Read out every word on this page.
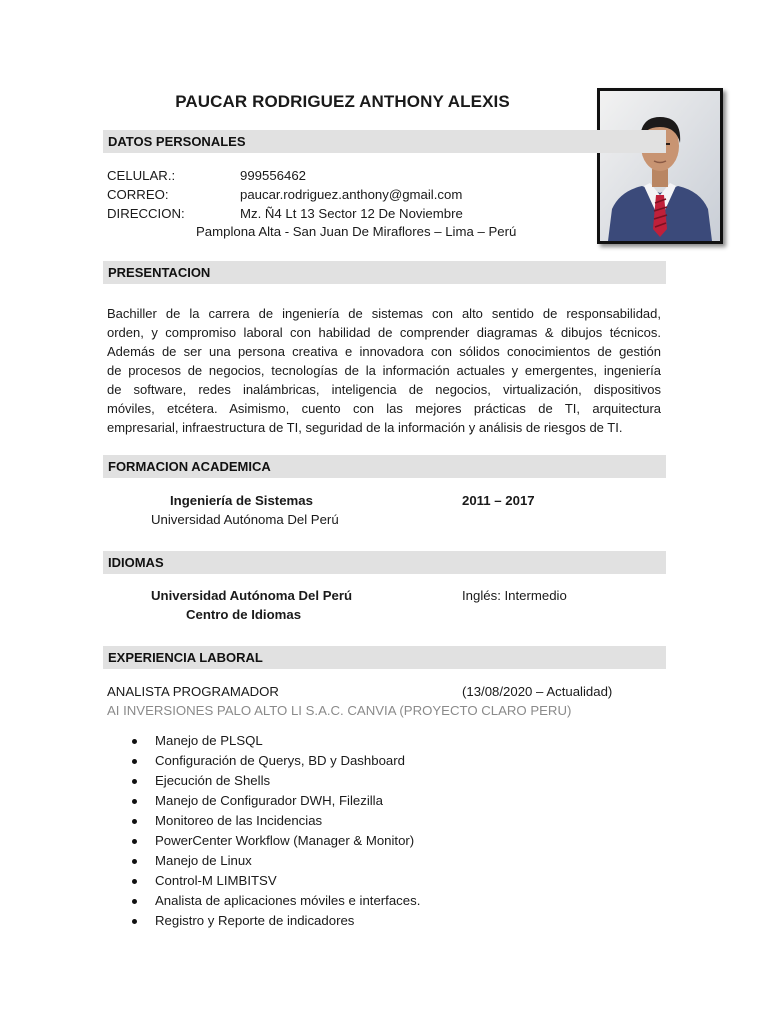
PAUCAR RODRIGUEZ ANTHONY ALEXIS
DATOS PERSONALES
CELULAR.:	999556462
CORREO:	paucar.rodriguez.anthony@gmail.com
DIRECCION:	Mz. Ñ4 Lt 13 Sector 12 De Noviembre
Pamplona Alta - San Juan De Miraflores – Lima – Perú
PRESENTACION
Bachiller de la carrera de ingeniería de sistemas con alto sentido de responsabilidad,
orden, y compromiso laboral con habilidad de comprender diagramas & dibujos técnicos.
Además de ser una persona creativa e innovadora con sólidos conocimientos de gestión
de procesos de negocios, tecnologías de la información actuales y emergentes, ingeniería
de software, redes inalámbricas, inteligencia de negocios, virtualización, dispositivos
móviles, etcétera. Asimismo, cuento con las mejores prácticas de TI, arquitectura
empresarial, infraestructura de TI, seguridad de la información y análisis de riesgos de TI.
FORMACION ACADEMICA
Ingeniería de Sistemas	2011 – 2017
Universidad Autónoma Del Perú
IDIOMAS
Universidad Autónoma Del Perú
Centro de Idiomas
Inglés: Intermedio
EXPERIENCIA LABORAL
ANALISTA PROGRAMADOR	(13/08/2020 – Actualidad)
AI INVERSIONES PALO ALTO LI S.A.C. CANVIA (PROYECTO CLARO PERU)
Manejo de PLSQL
Configuración de Querys, BD y Dashboard
Ejecución de Shells
Manejo de Configurador DWH, Filezilla
Monitoreo de las Incidencias
PowerCenter Workflow (Manager & Monitor)
Manejo de Linux
Control-M LIMBITSV
Analista de aplicaciones móviles e interfaces.
Registro y Reporte de indicadores
